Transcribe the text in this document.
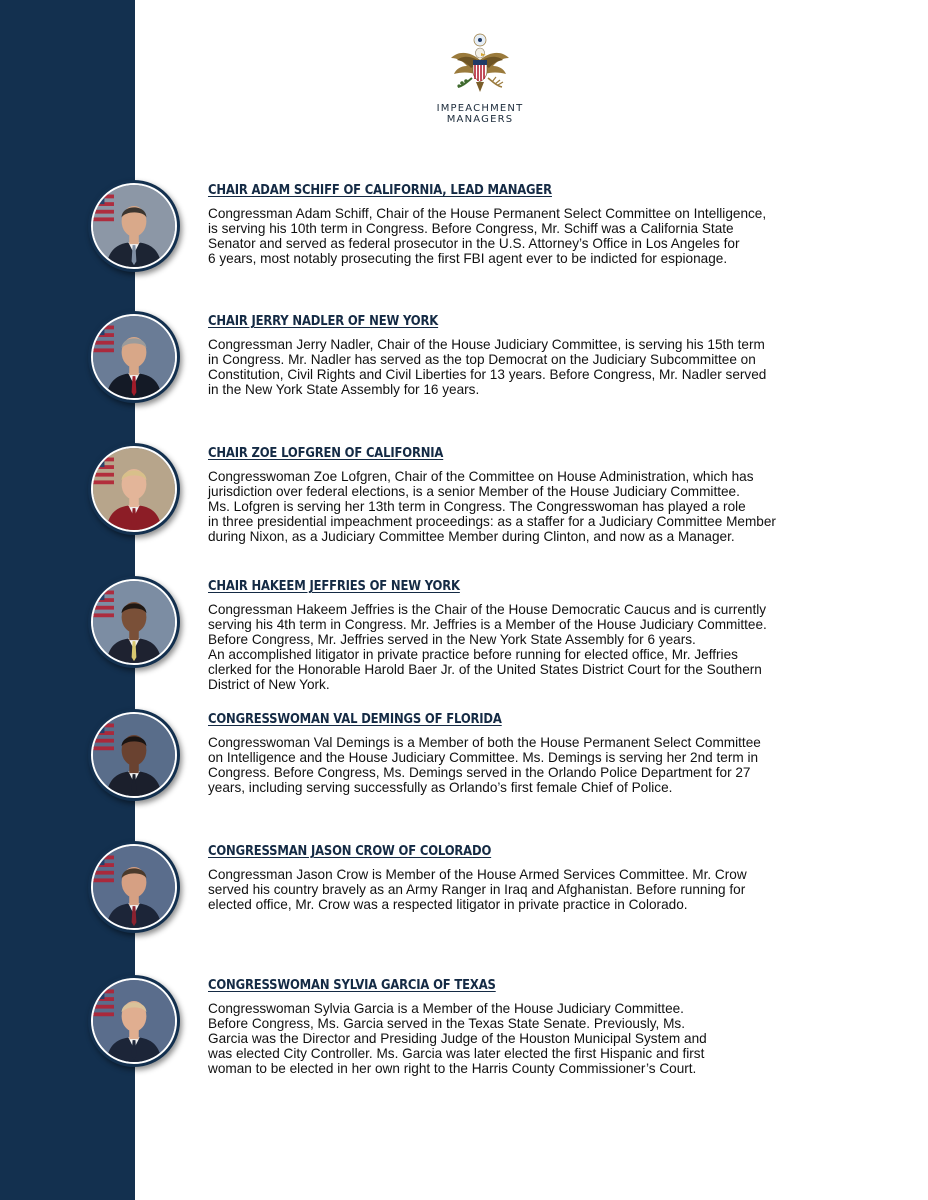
IMPEACHMENT
MANAGERS
CHAIR ADAM SCHIFF OF CALIFORNIA, LEAD MANAGER
Congressman Adam Schiff, Chair of the House Permanent Select Committee on Intelligence,
is serving his 10th term in Congress. Before Congress, Mr. Schiff was a California State
Senator and served as federal prosecutor in the U.S. Attorney’s Office in Los Angeles for
6 years, most notably prosecuting the first FBI agent ever to be indicted for espionage.
CHAIR JERRY NADLER OF NEW YORK
Congressman Jerry Nadler, Chair of the House Judiciary Committee, is serving his 15th term
in Congress. Mr. Nadler has served as the top Democrat on the Judiciary Subcommittee on
Constitution, Civil Rights and Civil Liberties for 13 years. Before Congress, Mr. Nadler served
in the New York State Assembly for 16 years.
CHAIR ZOE LOFGREN OF CALIFORNIA
Congresswoman Zoe Lofgren, Chair of the Committee on House Administration, which has
jurisdiction over federal elections, is a senior Member of the House Judiciary Committee.
Ms. Lofgren is serving her 13th term in Congress. The Congresswoman has played a role
in three presidential impeachment proceedings: as a staffer for a Judiciary Committee Member
during Nixon, as a Judiciary Committee Member during Clinton, and now as a Manager.
CHAIR HAKEEM JEFFRIES OF NEW YORK
Congressman Hakeem Jeffries is the Chair of the House Democratic Caucus and is currently
serving his 4th term in Congress. Mr. Jeffries is a Member of the House Judiciary Committee.
Before Congress, Mr. Jeffries served in the New York State Assembly for 6 years.
An accomplished litigator in private practice before running for elected office, Mr. Jeffries
clerked for the Honorable Harold Baer Jr. of the United States District Court for the Southern
District of New York.
CONGRESSWOMAN VAL DEMINGS OF FLORIDA
Congresswoman Val Demings is a Member of both the House Permanent Select Committee
on Intelligence and the House Judiciary Committee. Ms. Demings is serving her 2nd term in
Congress. Before Congress, Ms. Demings served in the Orlando Police Department for 27
years, including serving successfully as Orlando’s first female Chief of Police.
CONGRESSMAN JASON CROW OF COLORADO
Congressman Jason Crow is Member of the House Armed Services Committee. Mr. Crow
served his country bravely as an Army Ranger in Iraq and Afghanistan. Before running for
elected office, Mr. Crow was a respected litigator in private practice in Colorado.
CONGRESSWOMAN SYLVIA GARCIA OF TEXAS
Congresswoman Sylvia Garcia is a Member of the House Judiciary Committee.
Before Congress, Ms. Garcia served in the Texas State Senate. Previously, Ms.
Garcia was the Director and Presiding Judge of the Houston Municipal System and
was elected City Controller. Ms. Garcia was later elected the first Hispanic and first
woman to be elected in her own right to the Harris County Commissioner’s Court.
